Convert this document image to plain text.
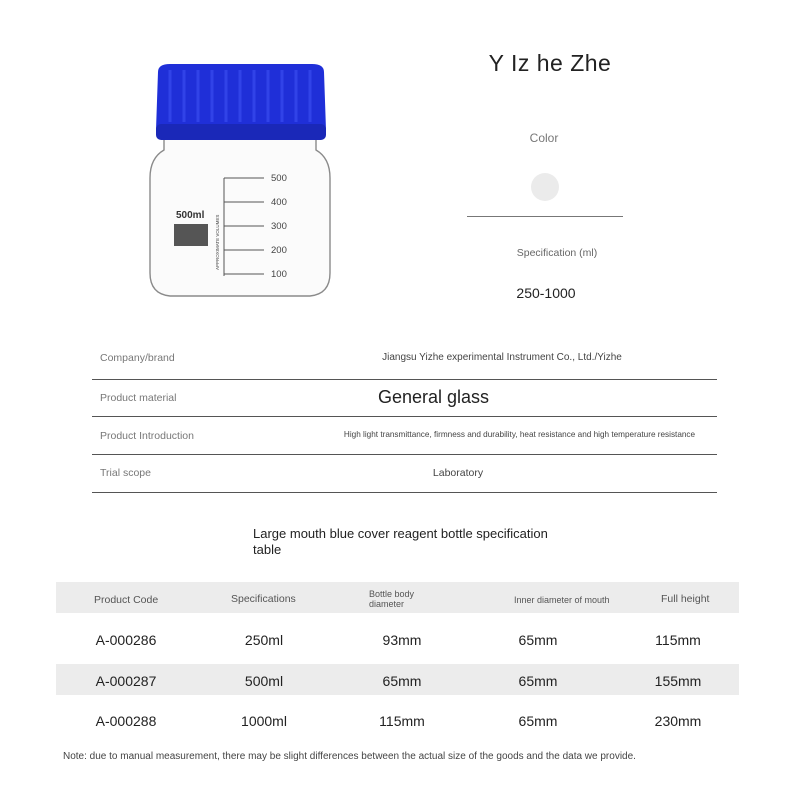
500ml APPROXIMATE VOLUMES
500
400
300
200
100
Y Iz he Zhe
Color
Specification (ml)
250-1000
Company/brand	Jiangsu Yizhe experimental Instrument Co., Ltd./Yizhe
Product material	General glass
Product Introduction	High light transmittance, firmness and durability, heat resistance and high temperature resistance
Trial scope	Laboratory
Large mouth blue cover reagent bottle specification table
Product Code	Specifications	Bottle body diameter	Inner diameter of mouth	Full height
A-000286	250ml	93mm	65mm	115mm
A-000287	500ml	65mm	65mm	155mm
A-000288	1000ml	115mm	65mm	230mm
Note: due to manual measurement, there may be slight differences between the actual size of the goods and the data we provide.
